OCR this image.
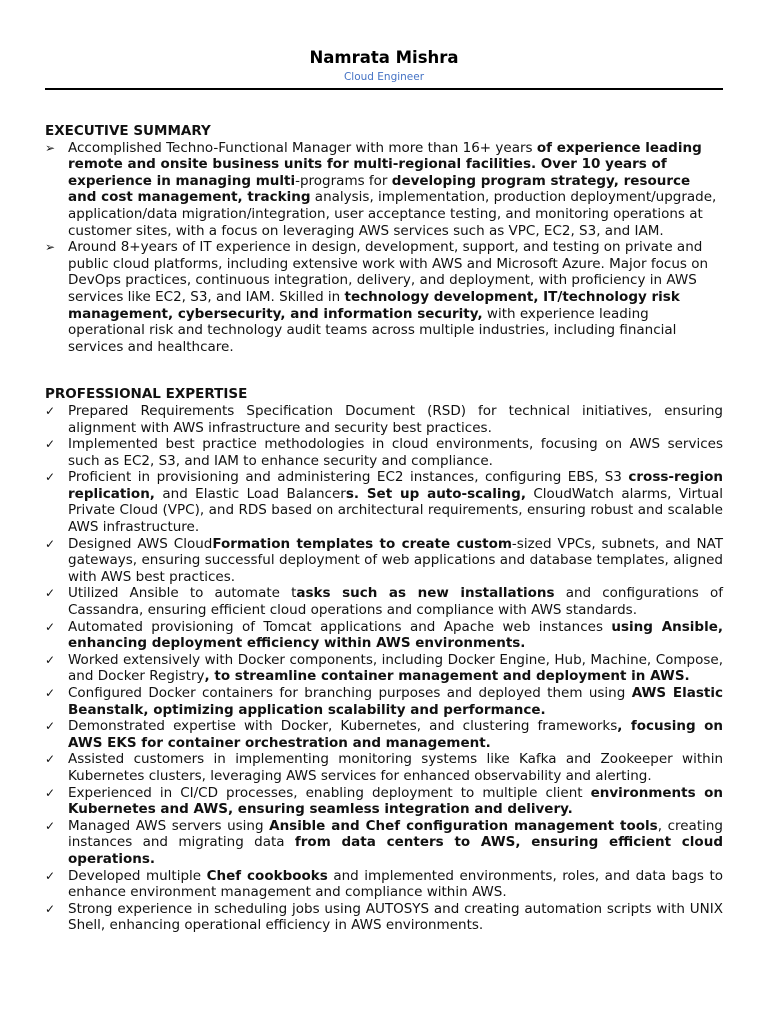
Namrata Mishra
Cloud Engineer
EXECUTIVE SUMMARY
➢ Accomplished Techno-Functional Manager with more than 16+ years of experience leading remote and onsite business units for multi-regional facilities. Over 10 years of experience in managing multi-programs for developing program strategy, resource and cost management, tracking analysis, implementation, production deployment/upgrade, application/data migration/integration, user acceptance testing, and monitoring operations at customer sites, with a focus on leveraging AWS services such as VPC, EC2, S3, and IAM.
➢ Around 8+years of IT experience in design, development, support, and testing on private and public cloud platforms, including extensive work with AWS and Microsoft Azure. Major focus on DevOps practices, continuous integration, delivery, and deployment, with proficiency in AWS services like EC2, S3, and IAM. Skilled in technology development, IT/technology risk management, cybersecurity, and information security, with experience leading operational risk and technology audit teams across multiple industries, including financial services and healthcare.
PROFESSIONAL EXPERTISE
✓ Prepared Requirements Specification Document (RSD) for technical initiatives, ensuring alignment with AWS infrastructure and security best practices.
✓ Implemented best practice methodologies in cloud environments, focusing on AWS services such as EC2, S3, and IAM to enhance security and compliance.
✓ Proficient in provisioning and administering EC2 instances, configuring EBS, S3 cross-region replication, and Elastic Load Balancers. Set up auto-scaling, CloudWatch alarms, Virtual Private Cloud (VPC), and RDS based on architectural requirements, ensuring robust and scalable AWS infrastructure.
✓ Designed AWS CloudFormation templates to create custom-sized VPCs, subnets, and NAT gateways, ensuring successful deployment of web applications and database templates, aligned with AWS best practices.
✓ Utilized Ansible to automate tasks such as new installations and configurations of Cassandra, ensuring efficient cloud operations and compliance with AWS standards.
✓ Automated provisioning of Tomcat applications and Apache web instances using Ansible, enhancing deployment efficiency within AWS environments.
✓ Worked extensively with Docker components, including Docker Engine, Hub, Machine, Compose, and Docker Registry, to streamline container management and deployment in AWS.
✓ Configured Docker containers for branching purposes and deployed them using AWS Elastic Beanstalk, optimizing application scalability and performance.
✓ Demonstrated expertise with Docker, Kubernetes, and clustering frameworks, focusing on AWS EKS for container orchestration and management.
✓ Assisted customers in implementing monitoring systems like Kafka and Zookeeper within Kubernetes clusters, leveraging AWS services for enhanced observability and alerting.
✓ Experienced in CI/CD processes, enabling deployment to multiple client environments on Kubernetes and AWS, ensuring seamless integration and delivery.
✓ Managed AWS servers using Ansible and Chef configuration management tools, creating instances and migrating data from data centers to AWS, ensuring efficient cloud operations.
✓ Developed multiple Chef cookbooks and implemented environments, roles, and data bags to enhance environment management and compliance within AWS.
✓ Strong experience in scheduling jobs using AUTOSYS and creating automation scripts with UNIX Shell, enhancing operational efficiency in AWS environments.
